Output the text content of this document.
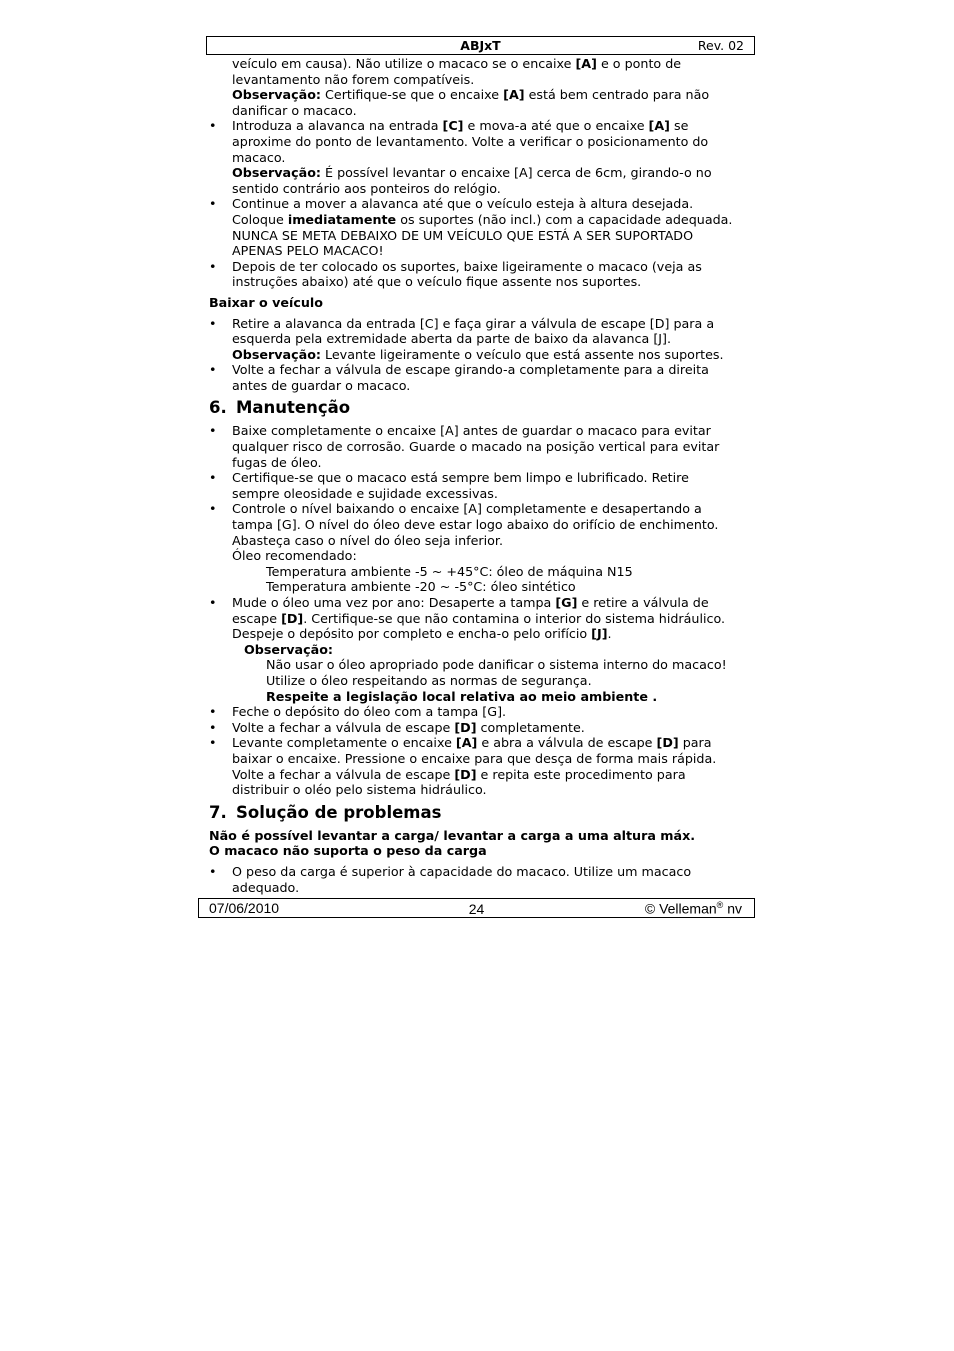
ABJxT	Rev. 02

veículo em causa). Não utilize o macaco se o encaixe [A] e o ponto de

levantamento não forem compatíveis.

Observação: Certifique-se que o encaixe [A] está bem centrado para não

danificar o macaco.

• Introduza a alavanca na entrada [C] e mova-a até que o encaixe [A] se

aproxime do ponto de levantamento. Volte a verificar o posicionamento do

macaco.

Observação: É possível levantar o encaixe [A] cerca de 6cm, girando-o no

sentido contrário aos ponteiros do relógio.

• Continue a mover a alavanca até que o veículo esteja à altura desejada.

Coloque imediatamente os suportes (não incl.) com a capacidade adequada.

NUNCA SE META DEBAIXO DE UM VEÍCULO QUE ESTÁ A SER SUPORTADO

APENAS PELO MACACO!

• Depois de ter colocado os suportes, baixe ligeiramente o macaco (veja as

instruções abaixo) até que o veículo fique assente nos suportes.

Baixar o veículo

• Retire a alavanca da entrada [C] e faça girar a válvula de escape [D] para a

esquerda pela extremidade aberta da parte de baixo da alavanca [J].

Observação: Levante ligeiramente o veículo que está assente nos suportes.

• Volte a fechar a válvula de escape girando-a completamente para a direita

antes de guardar o macaco.

6. Manutenção

• Baixe completamente o encaixe [A] antes de guardar o macaco para evitar

qualquer risco de corrosão. Guarde o macado na posição vertical para evitar

fugas de óleo.

• Certifique-se que o macaco está sempre bem limpo e lubrificado. Retire

sempre oleosidade e sujidade excessivas.

• Controle o nível baixando o encaixe [A] completamente e desapertando a

tampa [G]. O nível do óleo deve estar logo abaixo do orifício de enchimento.

Abasteça caso o nível do óleo seja inferior.

Óleo recomendado:

Temperatura ambiente -5 ~ +45°C: óleo de máquina N15

Temperatura ambiente -20 ~ -5°C: óleo sintético

• Mude o óleo uma vez por ano: Desaperte a tampa [G] e retire a válvula de

escape [D]. Certifique-se que não contamina o interior do sistema hidráulico.

Despeje o depósito por completo e encha-o pelo orifício [J].

Observação:

Não usar o óleo apropriado pode danificar o sistema interno do macaco!

Utilize o óleo respeitando as normas de segurança.

Respeite a legislação local relativa ao meio ambiente .

• Feche o depósito do óleo com a tampa [G].

• Volte a fechar a válvula de escape [D] completamente.

• Levante completamente o encaixe [A] e abra a válvula de escape [D] para

baixar o encaixe. Pressione o encaixe para que desça de forma mais rápida.

Volte a fechar a válvula de escape [D] e repita este procedimento para

distribuir o oléo pelo sistema hidráulico.

7. Solução de problemas

Não é possível levantar a carga/ levantar a carga a uma altura máx.

O macaco não suporta o peso da carga

• O peso da carga é superior à capacidade do macaco. Utilize um macaco

adequado.

07/06/2010	24	© Velleman® nv
